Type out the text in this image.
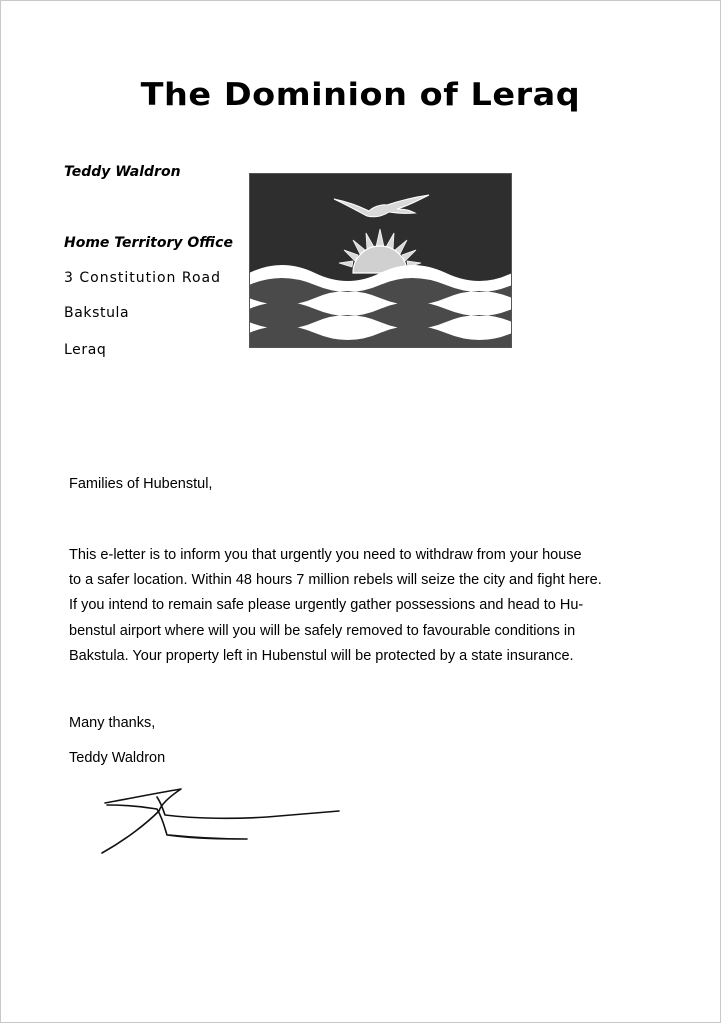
The Dominion of Leraq
Teddy Waldron
Home Territory Office
3 Constitution Road
Bakstula
Leraq
Families of Hubenstul,
This e-letter is to inform you that urgently you need to withdraw from your house
to a safer location. Within 48 hours 7 million rebels will seize the city and fight here.
If you intend to remain safe please urgently gather possessions and head to Hu-
benstul airport where will you will be safely removed to favourable conditions in
Bakstula. Your property left in Hubenstul will be protected by a state insurance.
Many thanks,
Teddy Waldron
